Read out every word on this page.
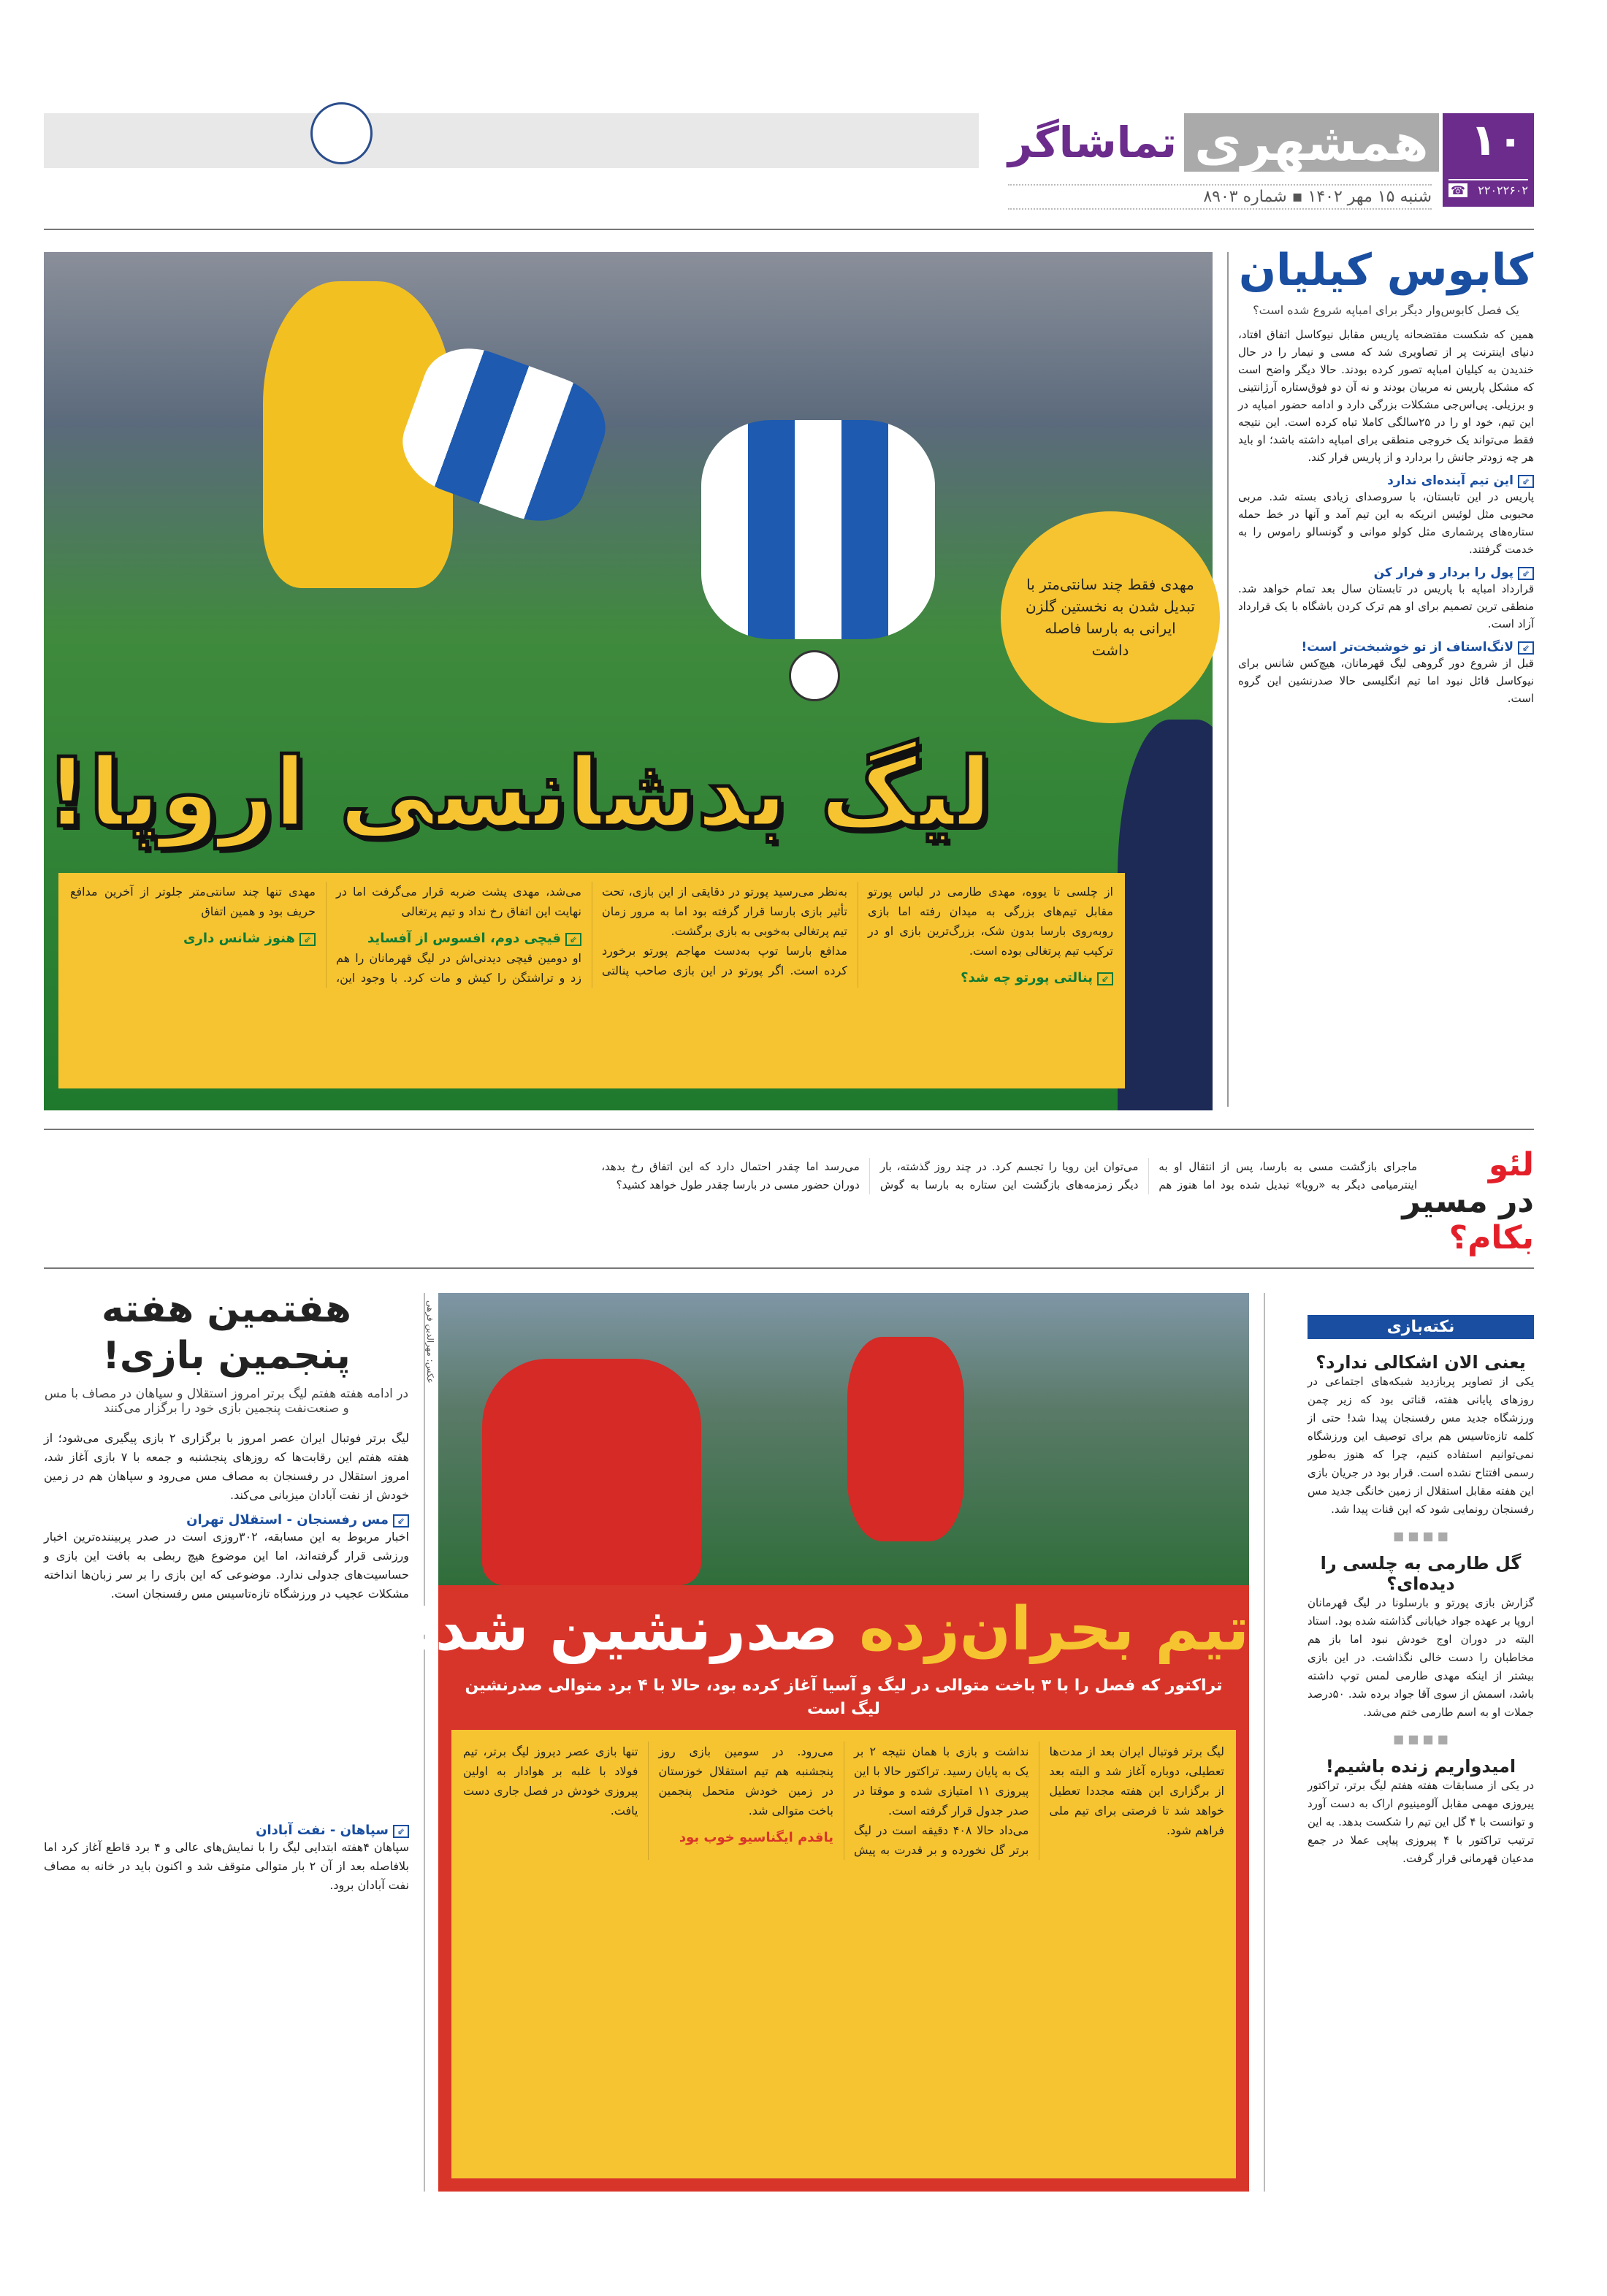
همشهری
تماشاگر
شنبه ۱۵ مهر ۱۴۰۲ ▪ شماره ۸۹۰۳
۱۰
۲۲۰۲۲۶۰۲
☎
مهدی فقط چند سانتی‌متر با تبدیل شدن به نخستین گلزن ایرانی به بارسا فاصله داشت
لیگ بدشانسی اروپا!

از چلسی تا یووه، مهدی طارمی در لباس پورتو مقابل تیم‌های بزرگی به میدان رفته اما بازی روبه‌روی بارسا بدون شک، بزرگ‌ترین بازی او در ترکیب تیم پرتغالی بوده است.

⇙ پنالتی پورتو چه شد؟

به‌نظر می‌رسید پورتو در دقایقی از این بازی، تحت تأثیر بازی بارسا قرار گرفته بود اما به مرور زمان تیم پرتغالی به‌خوبی به بازی برگشت.

مدافع بارسا توپ به‌دست مهاجم پورتو برخورد کرده است. اگر پورتو در این بازی صاحب پنالتی می‌شد، مهدی پشت ضربه قرار می‌گرفت اما در نهایت این اتفاق رخ نداد و تیم پرتغالی

⇙ قیچی دوم، افسوس از آفساید

او دومین قیچی دیدنی‌اش در لیگ قهرمانان را هم زد و تراشتگن را کیش و مات کرد. با وجود این، مهدی تنها چند سانتی‌متر جلوتر از آخرین مدافع حریف بود و همین اتفاق

⇙ هنوز شانس داری
کابوس کیلیان
یک فصل کابوس‌وار دیگر برای امباپه شروع شده است؟

همین که شکست مفتضحانه پاریس مقابل نیوکاسل اتفاق افتاد، دنیای اینترنت پر از تصاویری شد که مسی و نیمار را در حال خندیدن به کیلیان امباپه تصور کرده بودند. حالا دیگر واضح است که مشکل پاریس نه مربیان بودند و نه آن دو فوق‌ستاره آرژانتینی و برزیلی. پی‌اس‌جی مشکلات بزرگی دارد و ادامه حضور امباپه در این تیم، خود او را در ۲۵سالگی کاملا تباه کرده است. این نتیجه فقط می‌تواند یک خروجی منطقی برای امباپه داشته باشد؛ او باید هر چه زودتر جانش را بردارد و از پاریس فرار کند.

⇙ این تیم آینده‌ای ندارد

پاریس در این تابستان، با سروصدای زیادی بسته شد. مربی محبوبی مثل لوئیس انریکه به این تیم آمد و آنها در خط حمله ستاره‌های پرشماری مثل کولو موانی و گونسالو راموس را به خدمت گرفتند.

⇙ پول را بردار و فرار کن

قرارداد امباپه با پاریس در تابستان سال بعد تمام خواهد شد. منطقی ترین تصمیم برای او هم ترک کردن باشگاه با یک قرارداد آزاد است.

⇙ لانگ‌استاف از تو خوشبخت‌تر است!

قبل از شروع دور گروهی لیگ قهرمانان، هیچ‌کس شانس برای نیوکاسل قائل نبود اما تیم انگلیسی حالا صدرنشین این گروه است.

لئو
در مسیر
بکام؟

ماجرای بازگشت مسی به بارسا، پس از انتقال او به اینترمیامی دیگر به «رویا» تبدیل شده بود اما هنوز هم می‌توان این رویا را تجسم کرد. در چند روز گذشته، بار دیگر زمزمه‌های بازگشت این ستاره به بارسا به گوش می‌رسد اما چقدر احتمال دارد که این اتفاق رخ بدهد، دوران حضور مسی در بارسا چقدر طول خواهد کشید؟

هفتمین هفته پنجمین بازی!
در ادامه هفته هفتم لیگ برتر امروز استقلال و سپاهان در مصاف با مس و صنعت‌نفت پنجمین بازی خود را برگزار می‌کنند

لیگ برتر فوتبال ایران عصر امروز با برگزاری ۲ بازی پیگیری می‌شود؛ از هفته هفتم این رقابت‌ها که روزهای پنجشنبه و جمعه با ۷ بازی آغاز شد، امروز استقلال در رفسنجان به مصاف مس می‌رود و سپاهان هم در زمین خودش از نفت آبادان میزبانی می‌کند.

⇙ مس رفسنجان - استقلال تهران

اخبار مربوط به این مسابقه، ۳۰۲روزی است در صدر پربیننده‌ترین اخبار ورزشی قرار گرفته‌اند، اما این موضوع هیچ ربطی به بافت این بازی و حساسیت‌های جدولی ندارد. موضوعی که این بازی را بر سر زبان‌ها انداخته مشکلات عجیب در ورزشگاه تازه‌تاسیس مس رفسنجان است.

⇙ سپاهان - نفت آبادان

سپاهان ۴هفته ابتدایی لیگ را با نمایش‌های عالی و ۴ برد قاطع آغاز کرد اما بلافاصله بعد از آن ۲ بار متوالی متوقف شد و اکنون باید در خانه به مصاف نفت آبادان برود.

عکس: مهرالدین فرهی
تیم بحران‌زده صدرنشین شد!
تراکتور که فصل را با ۳ باخت متوالی در لیگ و آسیا آغاز کرده بود، حالا با ۴ برد متوالی صدرنشین لیگ است

لیگ برتر فوتبال ایران بعد از مدت‌ها تعطیلی، دوباره آغاز شد و البته بعد از برگزاری این هفته مجددا تعطیل خواهد شد تا فرصتی برای تیم ملی فراهم شود.

نداشت و بازی با همان نتیجه ۲ بر یک به پایان رسید. تراکتور حالا با این پیروزی ۱۱ امتیازی شده و موقتا در صدر جدول قرار گرفته است.

می‌داد حالا ۴۰۸ دقیقه است در لیگ برتر گل نخورده و بر قدرت به پیش می‌رود. در سومین بازی روز پنجشنبه هم تیم استقلال خوزستان در زمین خودش متحمل پنجمین باخت متوالی شد.

یاقدم ایگناسیو خوب بود

تنها بازی عصر دیروز لیگ برتر، تیم فولاد با غلبه بر هوادار به اولین پیروزی خودش در فصل جاری دست یافت.

نکته‌بازی
یعنی الان اشکالی ندارد؟

یکی از تصاویر پربازدید شبکه‌های اجتماعی در روزهای پایانی هفته، قناتی بود که زیر چمن ورزشگاه جدید مس رفسنجان پیدا شد! حتی از کلمه تازه‌تاسیس هم برای توصیف این ورزشگاه نمی‌توانیم استفاده کنیم، چرا که هنوز به‌طور رسمی افتتاح نشده است. قرار بود در جریان بازی این هفته مقابل استقلال از زمین خانگی جدید مس رفسنجان رونمایی شود که این قنات پیدا شد.

■ ■ ■ ■
گل طارمی به چلسی را دیده‌ای؟

گزارش بازی پورتو و بارسلونا در لیگ قهرمانان اروپا بر عهده جواد خیابانی گذاشته شده بود. استاد البته در دوران اوج خودش نبود اما باز هم مخاطبان را دست خالی نگذاشت. در این بازی بیشتر از اینکه مهدی طارمی لمس توپ داشته باشد، اسمش از سوی آقا جواد برده شد. ۵۰درصد جملات او به اسم طارمی ختم می‌شد.

■ ■ ■ ■
امیدواریم زنده باشیم!

در یکی از مسابقات هفته هفتم لیگ برتر، تراکتور پیروزی مهمی مقابل آلومینیوم اراک به دست آورد و توانست با ۴ گل این تیم را شکست بدهد. به این ترتیب تراکتور با ۴ پیروزی پیاپی عملا در جمع مدعیان قهرمانی قرار گرفت.
